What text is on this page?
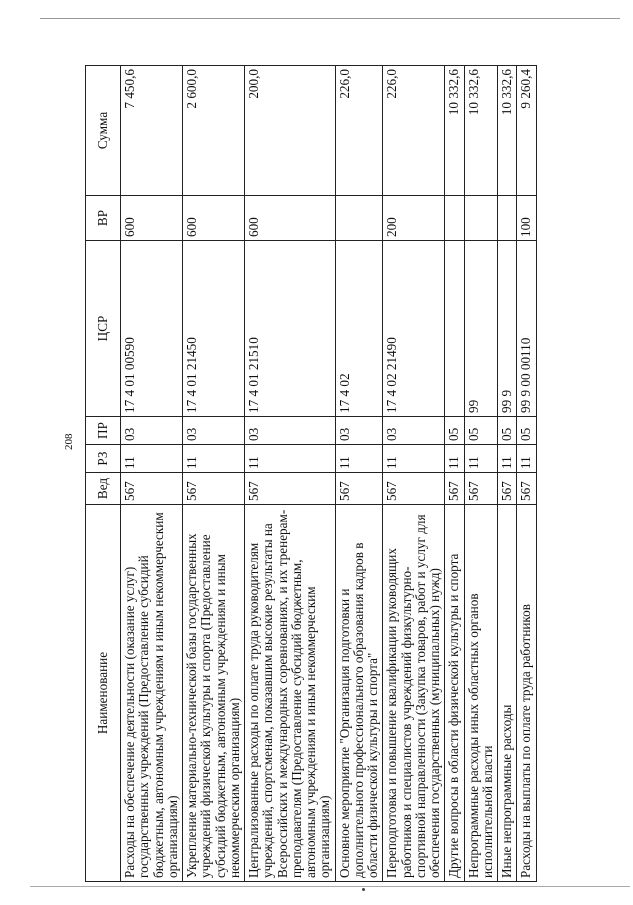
208
Наименование	Вед	РЗ	ПР	ЦСР	ВР	Сумма
Расходы на обеспечение деятельности (оказание услуг) государственных учреждений (Предоставление субсидий бюджетным, автономным учреждениям и иным некоммерческим организациям)	567	11	03	17 4 01 00590	600	7 450,6
Укрепление материально-технической базы государственных учреждений физической культуры и спорта (Предоставление субсидий бюджетным, автономным учреждениям и иным некоммерческим организациям)	567	11	03	17 4 01 21450	600	2 600,0
Централизованные расходы по оплате труда руководителям учреждений, спортсменам, показавшим высокие результаты на Всероссийских и международных соревнованиях, и их тренерам-преподавателям (Предоставление субсидий бюджетным, автономным учреждениям и иным некоммерческим организациям)	567	11	03	17 4 01 21510	600	200,0
Основное мероприятие "Организация подготовки и дополнительного профессионального образования кадров в области физической культуры и спорта"	567	11	03	17 4 02		226,0
Переподготовка и повышение квалификации руководящих работников и специалистов учреждений физкультурно-спортивной направленности (Закупка товаров, работ и услуг для обеспечения государственных (муниципальных) нужд)	567	11	03	17 4 02 21490	200	226,0
Другие вопросы в области физической культуры и спорта	567	11	05			10 332,6
Непрограммные расходы иных областных органов исполнительной власти	567	11	05	99		10 332,6
Иные непрограммные расходы	567	11	05	99 9		10 332,6
Расходы на выплаты по оплате труда работников	567	11	05	99 9 00 00110	100	9 260,4
